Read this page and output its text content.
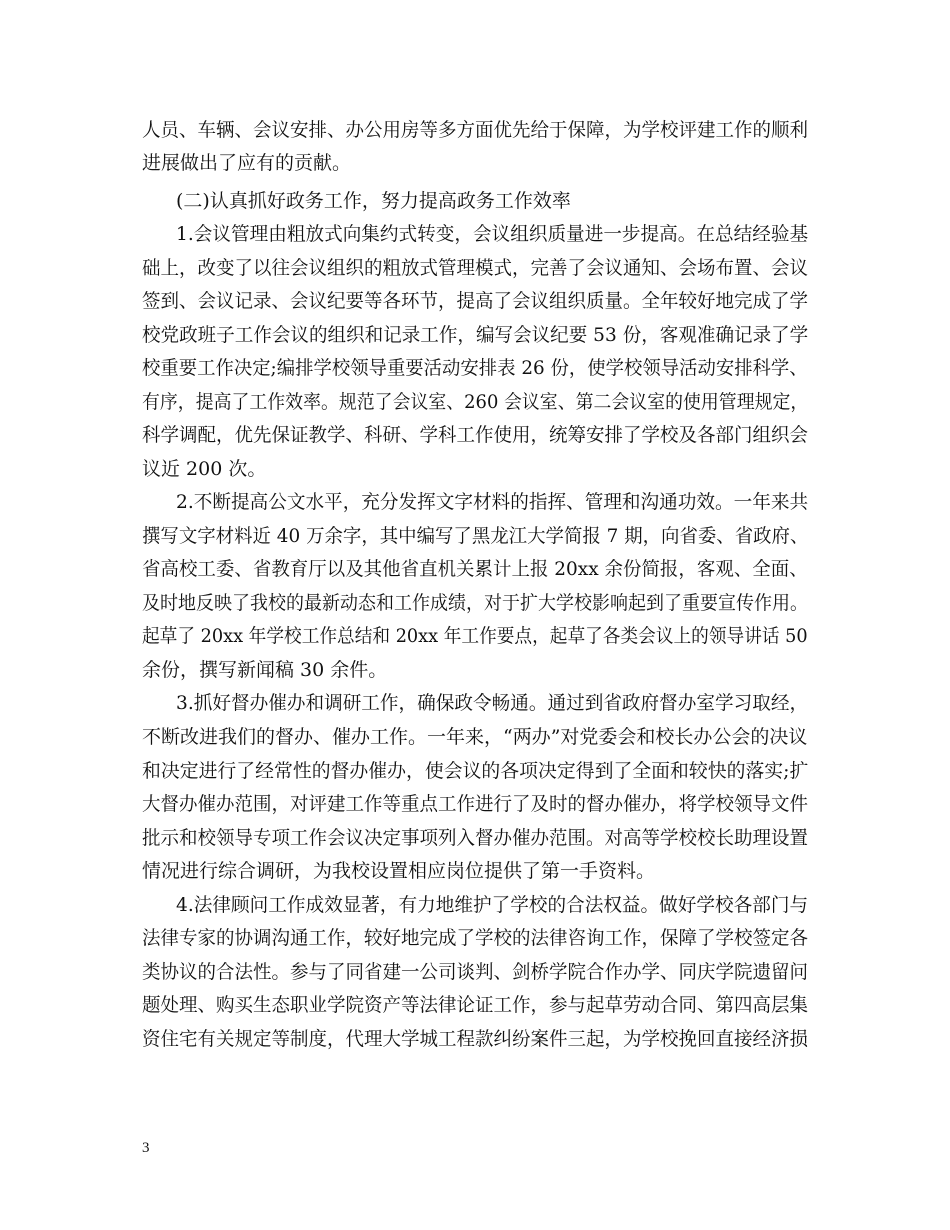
人员、车辆、会议安排、办公用房等多方面优先给于保障，为学校评建工作的顺利
进展做出了应有的贡献。
(二)认真抓好政务工作，努力提高政务工作效率
1.会议管理由粗放式向集约式转变，会议组织质量进一步提高。在总结经验基
础上，改变了以往会议组织的粗放式管理模式，完善了会议通知、会场布置、会议
签到、会议记录、会议纪要等各环节，提高了会议组织质量。全年较好地完成了学
校党政班子工作会议的组织和记录工作，编写会议纪要 53 份，客观准确记录了学
校重要工作决定;编排学校领导重要活动安排表 26 份，使学校领导活动安排科学、
有序，提高了工作效率。规范了会议室、260 会议室、第二会议室的使用管理规定，
科学调配，优先保证教学、科研、学科工作使用，统筹安排了学校及各部门组织会
议近 200 次。
2.不断提高公文水平，充分发挥文字材料的指挥、管理和沟通功效。一年来共
撰写文字材料近 40 万余字，其中编写了黑龙江大学简报 7 期，向省委、省政府、
省高校工委、省教育厅以及其他省直机关累计上报 20xx 余份简报，客观、全面、
及时地反映了我校的最新动态和工作成绩，对于扩大学校影响起到了重要宣传作用。
起草了 20xx 年学校工作总结和 20xx 年工作要点，起草了各类会议上的领导讲话 50
余份，撰写新闻稿 30 余件。
3.抓好督办催办和调研工作，确保政令畅通。通过到省政府督办室学习取经，
不断改进我们的督办、催办工作。一年来，“两办”对党委会和校长办公会的决议
和决定进行了经常性的督办催办，使会议的各项决定得到了全面和较快的落实;扩
大督办催办范围，对评建工作等重点工作进行了及时的督办催办，将学校领导文件
批示和校领导专项工作会议决定事项列入督办催办范围。对高等学校校长助理设置
情况进行综合调研，为我校设置相应岗位提供了第一手资料。
4.法律顾问工作成效显著，有力地维护了学校的合法权益。做好学校各部门与
法律专家的协调沟通工作，较好地完成了学校的法律咨询工作，保障了学校签定各
类协议的合法性。参与了同省建一公司谈判、剑桥学院合作办学、同庆学院遗留问
题处理、购买生态职业学院资产等法律论证工作，参与起草劳动合同、第四高层集
资住宅有关规定等制度，代理大学城工程款纠纷案件三起，为学校挽回直接经济损
3
